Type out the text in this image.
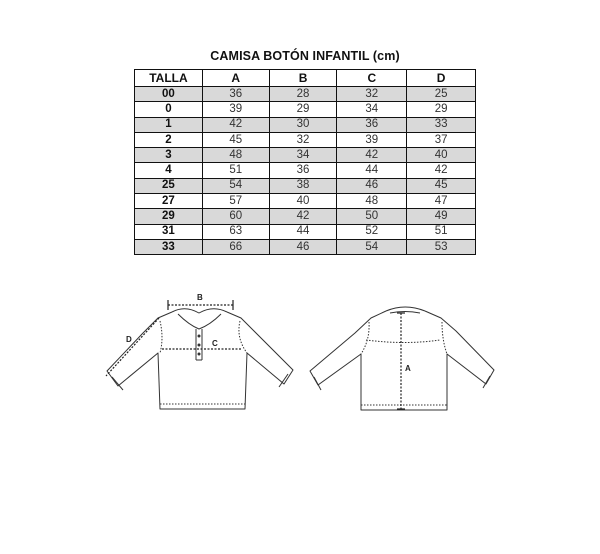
CAMISA BOTÓN INFANTIL (cm)
TALLA	A	B	C	D
00	36	28	32	25
0	39	29	34	29
1	42	30	36	33
2	45	32	39	37
3	48	34	42	40
4	51	36	44	42
25	54	38	46	45
27	57	40	48	47
29	60	42	50	49
31	63	44	52	51
33	66	46	54	53
B
C
D
A
